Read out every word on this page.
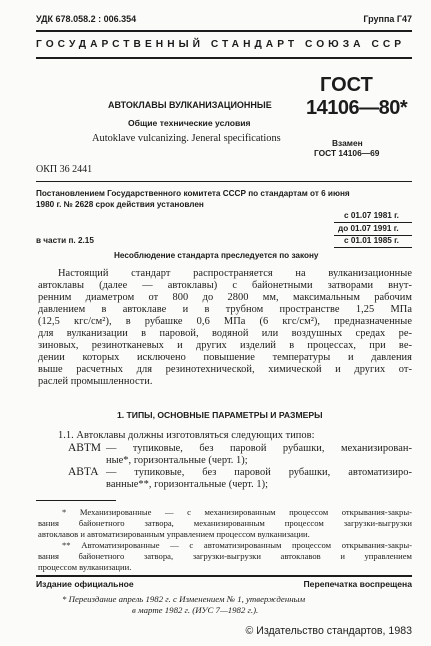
УДК 678.058.2 : 006.354	Группа Г47
ГОСУДАРСТВЕННЫЙ СТАНДАРТ СОЮЗА ССР
АВТОКЛАВЫ ВУЛКАНИЗАЦИОННЫЕ
Общие технические условия
Autoklave vulcanizing. Jeneral specifications
ГОСТ
14106—80*
Взамен
ГОСТ 14106—69
ОКП 36 2441
Постановлением Государственного комитета СССР по стандартам от 6 июня
1980 г. № 2628 срок действия установлен
с 01.07 1981 г.
до 01.07 1991 г.
с 01.01 1985 г.
в части п. 2.15
Несоблюдение стандарта преследуется по закону
Настоящий стандарт распространяется на вулканизационные
автоклавы (далее — автоклавы) с байонетными затворами внут-
ренним диаметром от 800 до 2800 мм, максимальным рабочим
давлением в автоклаве и в трубном пространстве 1,25 МПа
(12,5 кгс/см²), в рубашке 0,6 МПа (6 кгс/см²), предназначенные
для вулканизации в паровой, водяной или воздушных средах ре-
зиновых, резинотканевых и других изделий в процессах, при ве-
дении которых исключено повышение температуры и давления
выше расчетных для резинотехнической, химической и других от-
раслей промышленности.
1. ТИПЫ, ОСНОВНЫЕ ПАРАМЕТРЫ И РАЗМЕРЫ
1.1. Автоклавы должны изготовляться следующих типов:
АВТМ — тупиковые, без паровой рубашки, механизирован-
ные*, горизонтальные (черт. 1);
АВТА — тупиковые, без паровой рубашки, автоматизиро-
ванные**, горизонтальные (черт. 1);
* Механизированные — с механизированным процессом открывания-закры-
вания байонетного затвора, механизированным процессом загрузки-выгрузки
автоклавов и автоматизированным управлением процессом вулканизации.
** Автоматизированные — с автоматизированным процессом открывания-закры-
вания байонетного затвора, загрузки-выгрузки автоклавов и управлением
процессом вулканизации.
Издание официальное	Перепечатка воспрещена
* Переиздание апрель 1982 г. с Изменением № 1, утвержденным
в марте 1982 г. (ИУС 7—1982 г.).
© Издательство стандартов, 1983
